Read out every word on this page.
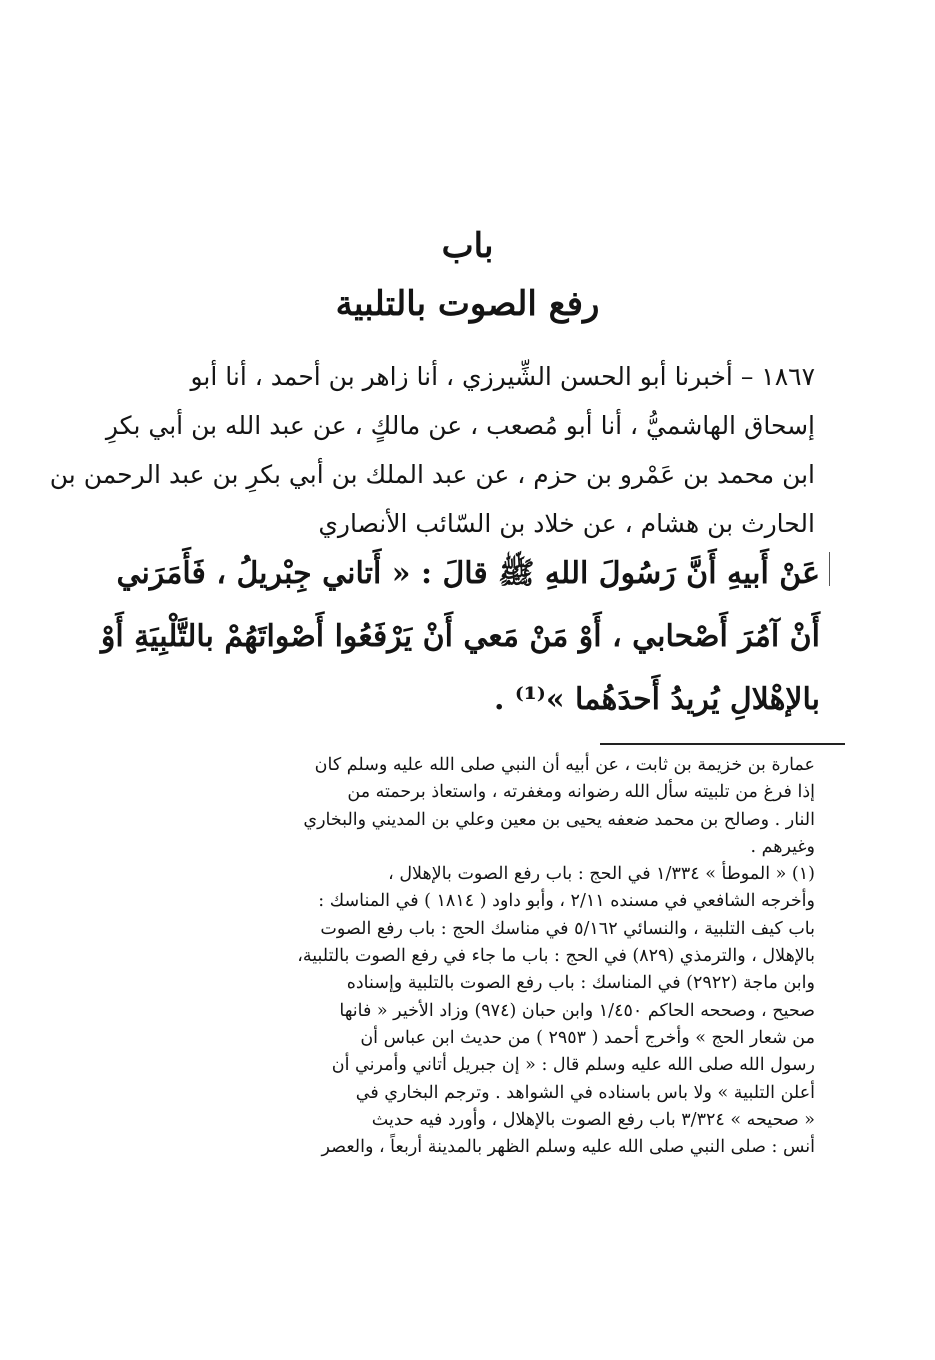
باب
رفع الصوت بالتلبية
١٨٦٧ – أخبرنا أبو الحسن الشِّيرزي ، أنا زاهر بن أحمد ، أنا أبو
إسحاق الهاشميُّ ، أنا أبو مُصعب ، عن مالكٍ ، عن عبد الله بن أبي بكرِ
ابن محمد بن عَمْرو بن حزم ، عن عبد الملك بن أبي بكرِ بن عبد الرحمن بن
الحارث بن هشام ، عن خلاد بن السّائب الأنصاري
عَنْ أَبيهِ أَنَّ رَسُولَ اللهِ ﷺ قالَ : « أَتاني جِبْريلُ ، فَأَمَرَني
أَنْ آمُرَ أَصْحابي ، أَوْ مَنْ مَعي أَنْ يَرْفَعُوا أَصْواتَهُمْ بالتَّلْبِيَةِ أَوْ
بالإهْلالِ يُريدُ أَحدَهُما »⁽¹⁾ .
عمارة بن خزيمة بن ثابت ، عن أبيه أن النبي صلى الله عليه وسلم كان
إذا فرغ من تلبيته سأل الله رضوانه ومغفرته ، واستعاذ برحمته من
النار . وصالح بن محمد ضعفه يحيى بن معين وعلي بن المديني والبخاري
وغيرهم .
(١) « الموطأ » ١/٣٣٤ في الحج : باب رفع الصوت بالإهلال ،
وأخرجه الشافعي في مسنده ٢/١١ ، وأبو داود ( ١٨١٤ ) في المناسك :
باب كيف التلبية ، والنسائي ٥/١٦٢ في مناسك الحج : باب رفع الصوت
بالإهلال ، والترمذي (٨٢٩) في الحج : باب ما جاء في رفع الصوت بالتلبية،
وابن ماجة (٢٩٢٢) في المناسك : باب رفع الصوت بالتلبية وإسناده
صحيح ، وصححه الحاكم ١/٤٥٠ وابن حبان (٩٧٤) وزاد الأخير « فانها
من شعار الحج » وأخرج أحمد ( ٢٩٥٣ ) من حديث ابن عباس أن
رسول الله صلى الله عليه وسلم قال : « إن جبريل أتاني وأمرني أن
أعلن التلبية » ولا باس باسناده في الشواهد . وترجم البخاري في
« صحيحه » ٣/٣٢٤ باب رفع الصوت بالإهلال ، وأورد فيه حديث
أنس : صلى النبي صلى الله عليه وسلم الظهر بالمدينة أربعاً ، والعصر
